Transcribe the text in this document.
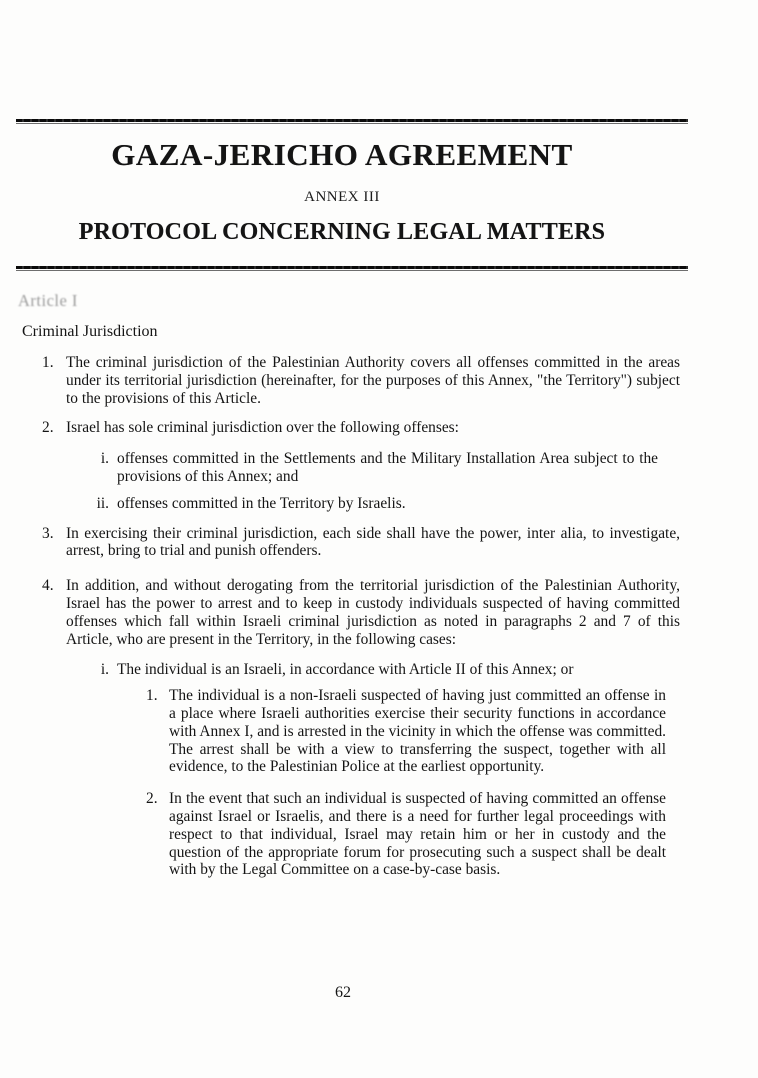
GAZA-JERICHO AGREEMENT
ANNEX III
PROTOCOL CONCERNING LEGAL MATTERS
Article I
Criminal Jurisdiction
1. The criminal jurisdiction of the Palestinian Authority covers all offenses committed in the areas under its territorial jurisdiction (hereinafter, for the purposes of this Annex, "the Territory") subject to the provisions of this Article.
2. Israel has sole criminal jurisdiction over the following offenses:
i. offenses committed in the Settlements and the Military Installation Area subject to the provisions of this Annex; and
ii. offenses committed in the Territory by Israelis.
3. In exercising their criminal jurisdiction, each side shall have the power, inter alia, to investigate, arrest, bring to trial and punish offenders.
4. In addition, and without derogating from the territorial jurisdiction of the Palestinian Authority, Israel has the power to arrest and to keep in custody individuals suspected of having committed offenses which fall within Israeli criminal jurisdiction as noted in paragraphs 2 and 7 of this Article, who are present in the Territory, in the following cases:
i. The individual is an Israeli, in accordance with Article II of this Annex; or
1. The individual is a non-Israeli suspected of having just committed an offense in a place where Israeli authorities exercise their security functions in accordance with Annex I, and is arrested in the vicinity in which the offense was committed. The arrest shall be with a view to transferring the suspect, together with all evidence, to the Palestinian Police at the earliest opportunity.
2. In the event that such an individual is suspected of having committed an offense against Israel or Israelis, and there is a need for further legal proceedings with respect to that individual, Israel may retain him or her in custody and the question of the appropriate forum for prosecuting such a suspect shall be dealt with by the Legal Committee on a case-by-case basis.
62
